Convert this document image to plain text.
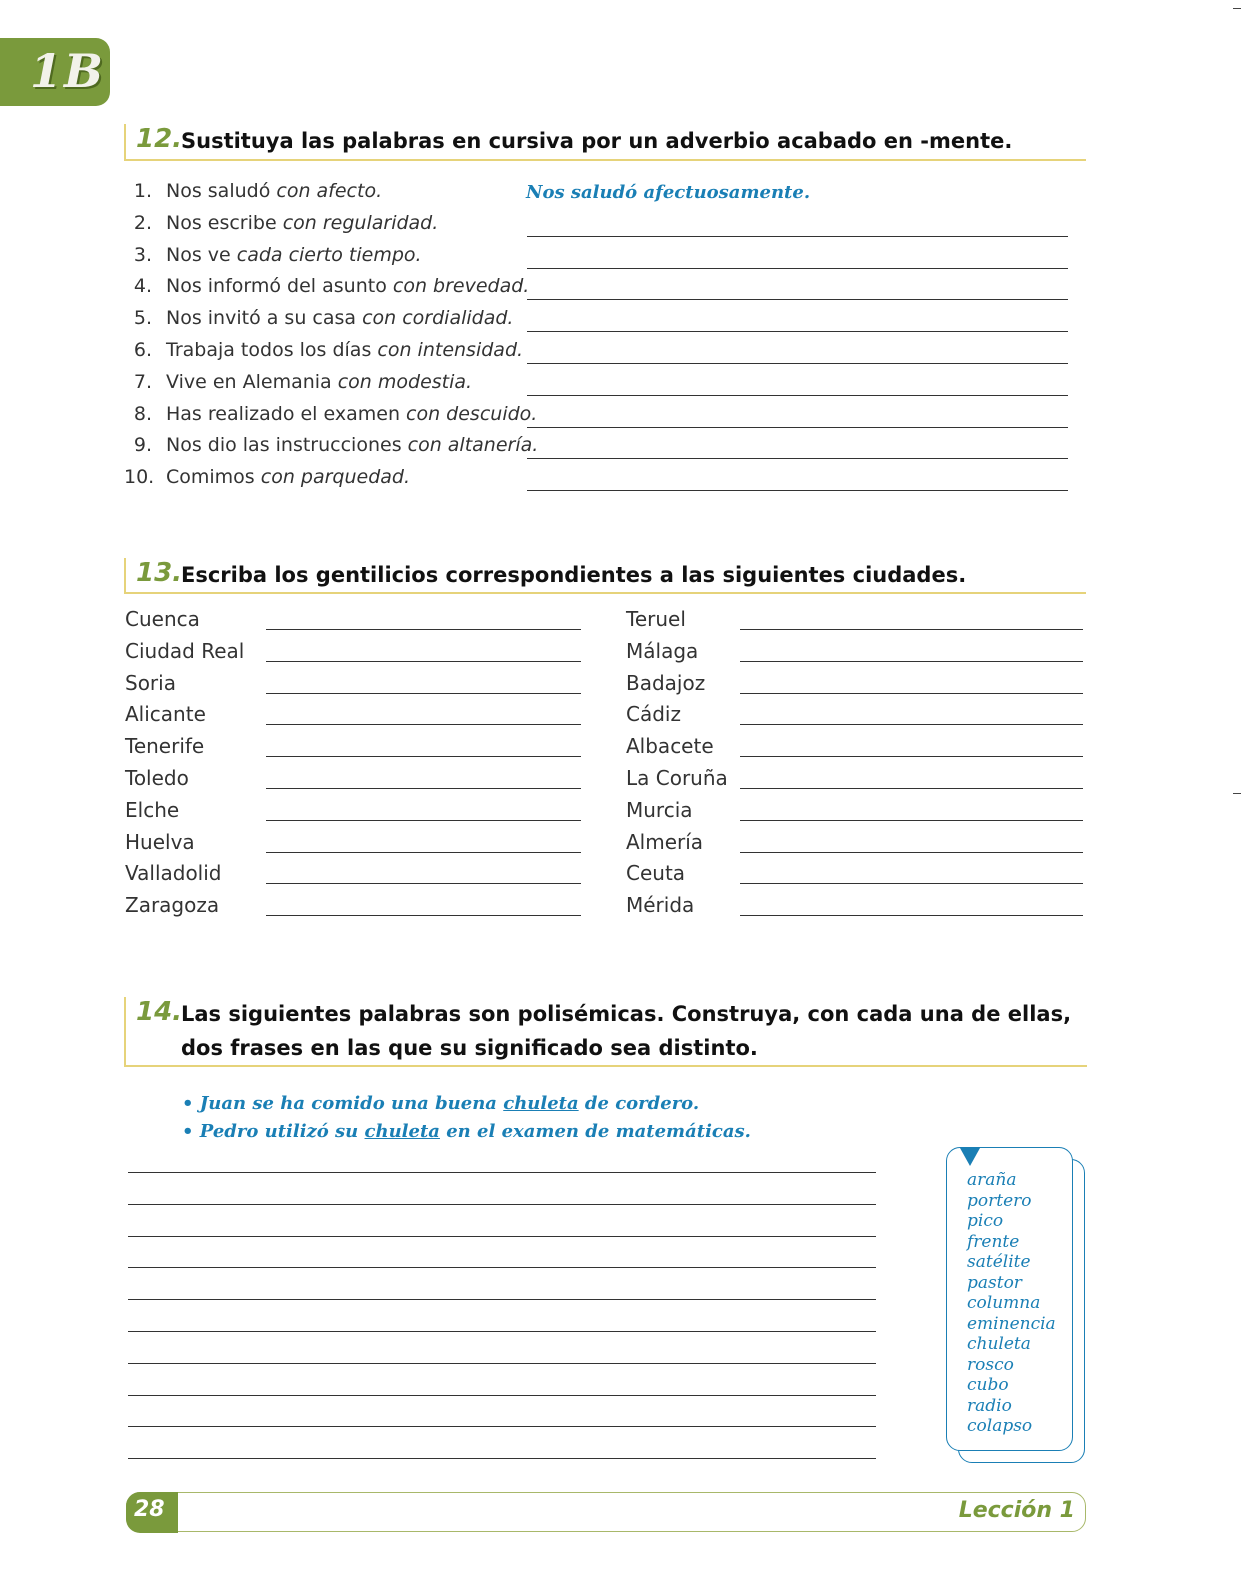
1B
12.
Sustituya las palabras en cursiva por un adverbio acabado en -mente.
1. Nos saludó con afecto.
2. Nos escribe con regularidad.
3. Nos ve cada cierto tiempo.
4. Nos informó del asunto con brevedad.
5. Nos invitó a su casa con cordialidad.
6. Trabaja todos los días con intensidad.
7. Vive en Alemania con modestia.
8. Has realizado el examen con descuido.
9. Nos dio las instrucciones con altanería.
10. Comimos con parquedad.
Nos saludó afectuosamente.
13.
Escriba los gentilicios correspondientes a las siguientes ciudades.
Cuenca
Ciudad Real
Soria
Alicante
Tenerife
Toledo
Elche
Huelva
Valladolid
Zaragoza
Teruel
Málaga
Badajoz
Cádiz
Albacete
La Coruña
Murcia
Almería
Ceuta
Mérida
14.
Las siguientes palabras son polisémicas. Construya, con cada una de ellas,
dos frases en las que su significado sea distinto.
• Juan se ha comido una buena chuleta de cordero.
• Pedro utilizó su chuleta en el examen de matemáticas.
araña
portero
pico
frente
satélite
pastor
columna
eminencia
chuleta
rosco
cubo
radio
colapso
28	Lección 1
